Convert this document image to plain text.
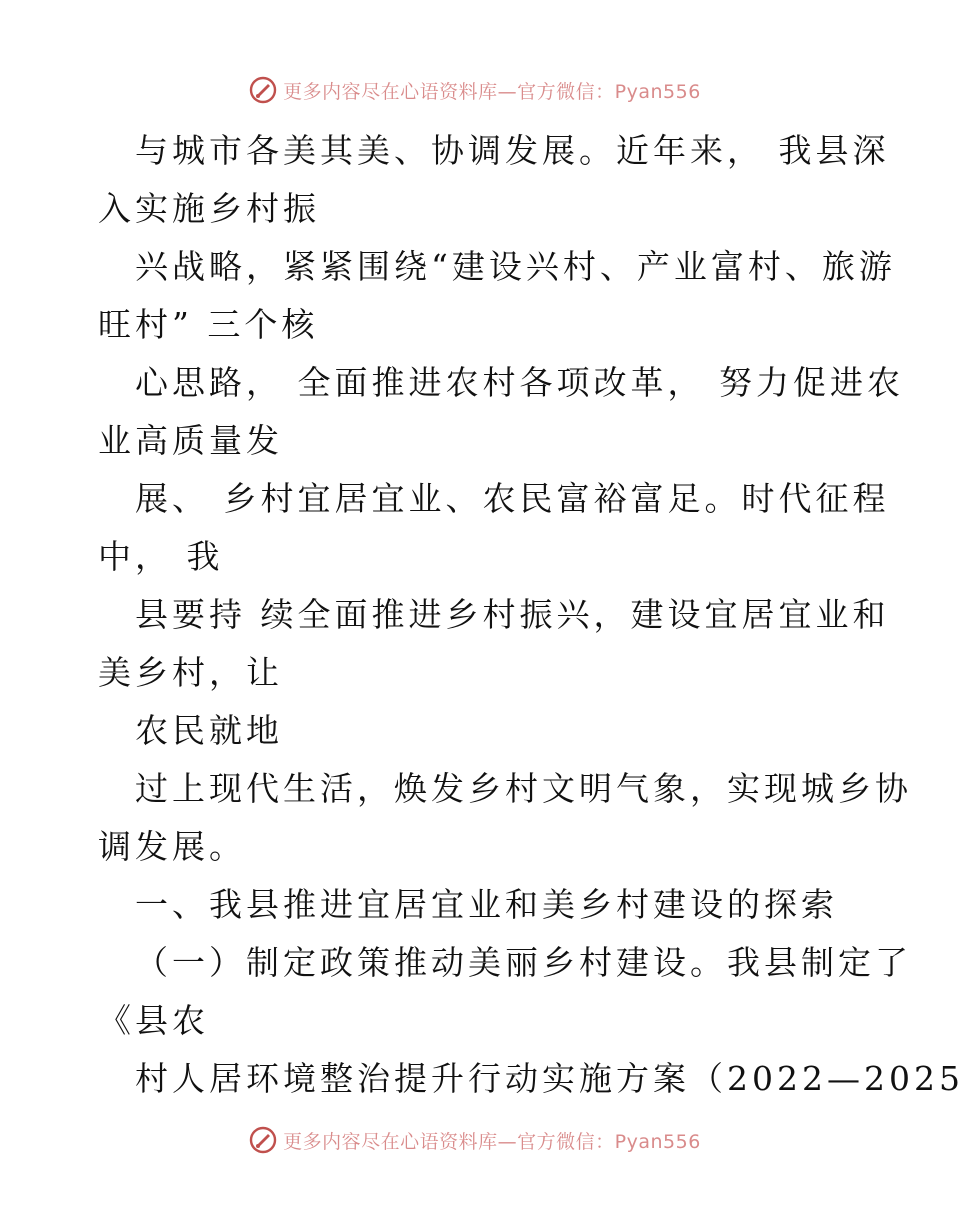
更多内容尽在心语资料库—官方微信：Pyan556
与城市各美其美、协调发展。近年来， 我县深
入实施乡村振
兴战略，紧紧围绕“建设兴村、产业富村、旅游
旺村” 三个核
心思路， 全面推进农村各项改革， 努力促进农
业高质量发
展、 乡村宜居宜业、农民富裕富足。时代征程
中， 我
县要持 续全面推进乡村振兴，建设宜居宜业和
美乡村，让
农民就地
过上现代生活，焕发乡村文明气象，实现城乡协
调发展。
一、我县推进宜居宜业和美乡村建设的探索
（一）制定政策推动美丽乡村建设。我县制定了
《县农
村人居环境整治提升行动实施方案（2022—2025
更多内容尽在心语资料库—官方微信：Pyan556
